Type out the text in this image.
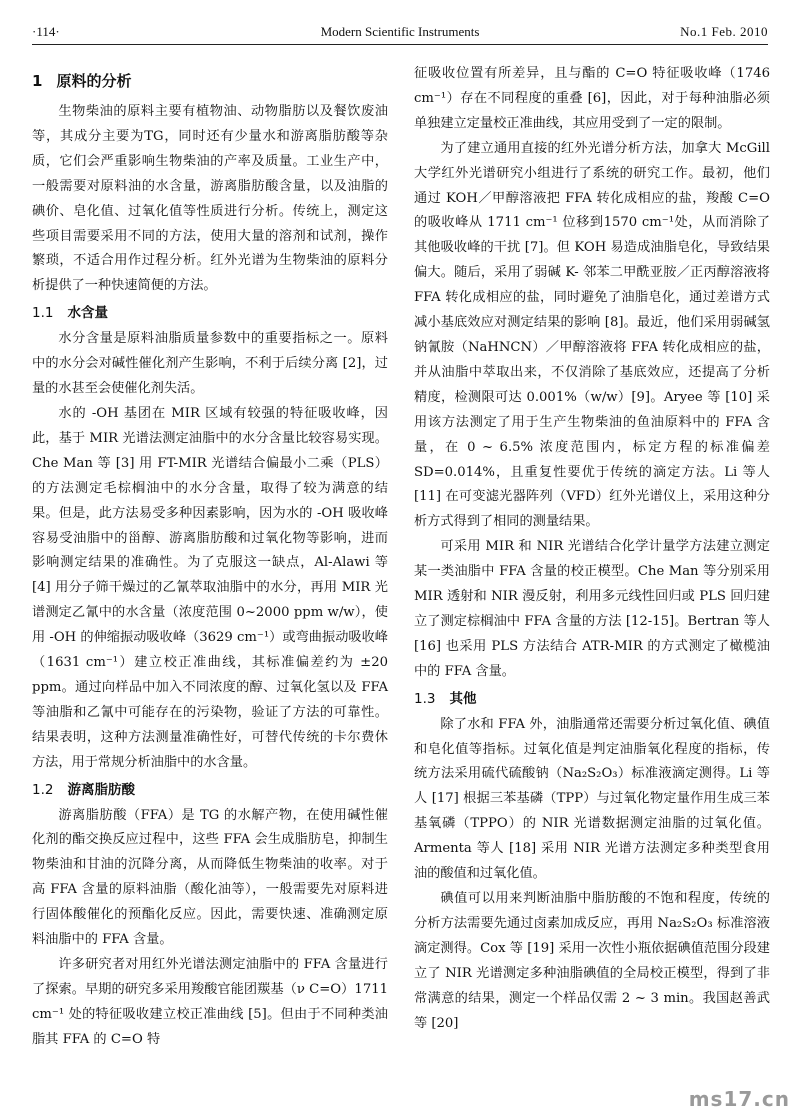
·114·	Modern Scientific Instruments	No.1 Feb. 2010
1 原料的分析

生物柴油的原料主要有植物油、动物脂肪以及餐饮废油等，其成分主要为TG，同时还有少量水和游离脂肪酸等杂质，它们会严重影响生物柴油的产率及质量。工业生产中，一般需要对原料油的水含量，游离脂肪酸含量，以及油脂的碘价、皂化值、过氧化值等性质进行分析。传统上，测定这些项目需要采用不同的方法，使用大量的溶剂和试剂，操作繁琐，不适合用作过程分析。红外光谱为生物柴油的原料分析提供了一种快速简便的方法。

1.1 水含量

水分含量是原料油脂质量参数中的重要指标之一。原料中的水分会对碱性催化剂产生影响，不利于后续分离 [2]，过量的水甚至会使催化剂失活。

水的 -OH 基团在 MIR 区域有较强的特征吸收峰，因此，基于 MIR 光谱法测定油脂中的水分含量比较容易实现。Che Man 等 [3] 用 FT-MIR 光谱结合偏最小二乘（PLS）的方法测定毛棕榈油中的水分含量，取得了较为满意的结果。但是，此方法易受多种因素影响，因为水的 -OH 吸收峰容易受油脂中的甾醇、游离脂肪酸和过氧化物等影响，进而影响测定结果的准确性。为了克服这一缺点，Al-Alawi 等 [4] 用分子筛干燥过的乙氰萃取油脂中的水分，再用 MIR 光谱测定乙氰中的水含量（浓度范围 0~2000 ppm w/w），使用 -OH 的伸缩振动吸收峰（3629 cm⁻¹）或弯曲振动吸收峰（1631 cm⁻¹）建立校正准曲线，其标准偏差约为 ±20 ppm。通过向样品中加入不同浓度的醇、过氧化氢以及 FFA 等油脂和乙氰中可能存在的污染物，验证了方法的可靠性。结果表明，这种方法测量准确性好，可替代传统的卡尔费休方法，用于常规分析油脂中的水含量。

1.2 游离脂肪酸

游离脂肪酸（FFA）是 TG 的水解产物，在使用碱性催化剂的酯交换反应过程中，这些 FFA 会生成脂肪皂，抑制生物柴油和甘油的沉降分离，从而降低生物柴油的收率。对于高 FFA 含量的原料油脂（酸化油等），一般需要先对原料进行固体酸催化的预酯化反应。因此，需要快速、准确测定原料油脂中的 FFA 含量。

许多研究者对用红外光谱法测定油脂中的 FFA 含量进行了探索。早期的研究多采用羧酸官能团羰基（ν C=O）1711 cm⁻¹ 处的特征吸收建立校正准曲线 [5]。但由于不同种类油脂其 FFA 的 C=O 特

征吸收位置有所差异，且与酯的 C=O 特征吸收峰（1746 cm⁻¹）存在不同程度的重叠 [6]，因此，对于每种油脂必须单独建立定量校正准曲线，其应用受到了一定的限制。

为了建立通用直接的红外光谱分析方法，加拿大 McGill 大学红外光谱研究小组进行了系统的研究工作。最初，他们通过 KOH／甲醇溶液把 FFA 转化成相应的盐，羧酸 C=O 的吸收峰从 1711 cm⁻¹ 位移到1570 cm⁻¹处，从而消除了其他吸收峰的干扰 [7]。但 KOH 易造成油脂皂化，导致结果偏大。随后，采用了弱碱 K- 邻苯二甲酰亚胺／正丙醇溶液将 FFA 转化成相应的盐，同时避免了油脂皂化，通过差谱方式减小基底效应对测定结果的影响 [8]。最近，他们采用弱碱氢钠氰胺（NaHNCN）／甲醇溶液将 FFA 转化成相应的盐，并从油脂中萃取出来，不仅消除了基底效应，还提高了分析精度，检测限可达 0.001%（w/w）[9]。Aryee 等 [10] 采用该方法测定了用于生产生物柴油的鱼油原料中的 FFA 含量，在 0 ~ 6.5% 浓度范围内，标定方程的标准偏差 SD=0.014%，且重复性要优于传统的滴定方法。Li 等人 [11] 在可变滤光器阵列（VFD）红外光谱仪上，采用这种分析方式得到了相同的测量结果。

可采用 MIR 和 NIR 光谱结合化学计量学方法建立测定某一类油脂中 FFA 含量的校正模型。Che Man 等分别采用 MIR 透射和 NIR 漫反射，利用多元线性回归或 PLS 回归建立了测定棕榈油中 FFA 含量的方法 [12-15]。Bertran 等人 [16] 也采用 PLS 方法结合 ATR-MIR 的方式测定了橄榄油中的 FFA 含量。

1.3 其他

除了水和 FFA 外，油脂通常还需要分析过氧化值、碘值和皂化值等指标。过氧化值是判定油脂氧化程度的指标，传统方法采用硫代硫酸钠（Na₂S₂O₃）标准液滴定测得。Li 等人 [17] 根据三苯基磷（TPP）与过氧化物定量作用生成三苯基氧磷（TPPO）的 NIR 光谱数据测定油脂的过氧化值。Armenta 等人 [18] 采用 NIR 光谱方法测定多种类型食用油的酸值和过氧化值。

碘值可以用来判断油脂中脂肪酸的不饱和程度，传统的分析方法需要先通过卤素加成反应，再用 Na₂S₂O₃ 标准溶液滴定测得。Cox 等 [19] 采用一次性小瓶依据碘值范围分段建立了 NIR 光谱测定多种油脂碘值的全局校正模型，得到了非常满意的结果，测定一个样品仅需 2 ~ 3 min。我国赵善武等 [20]

ms17.cn
